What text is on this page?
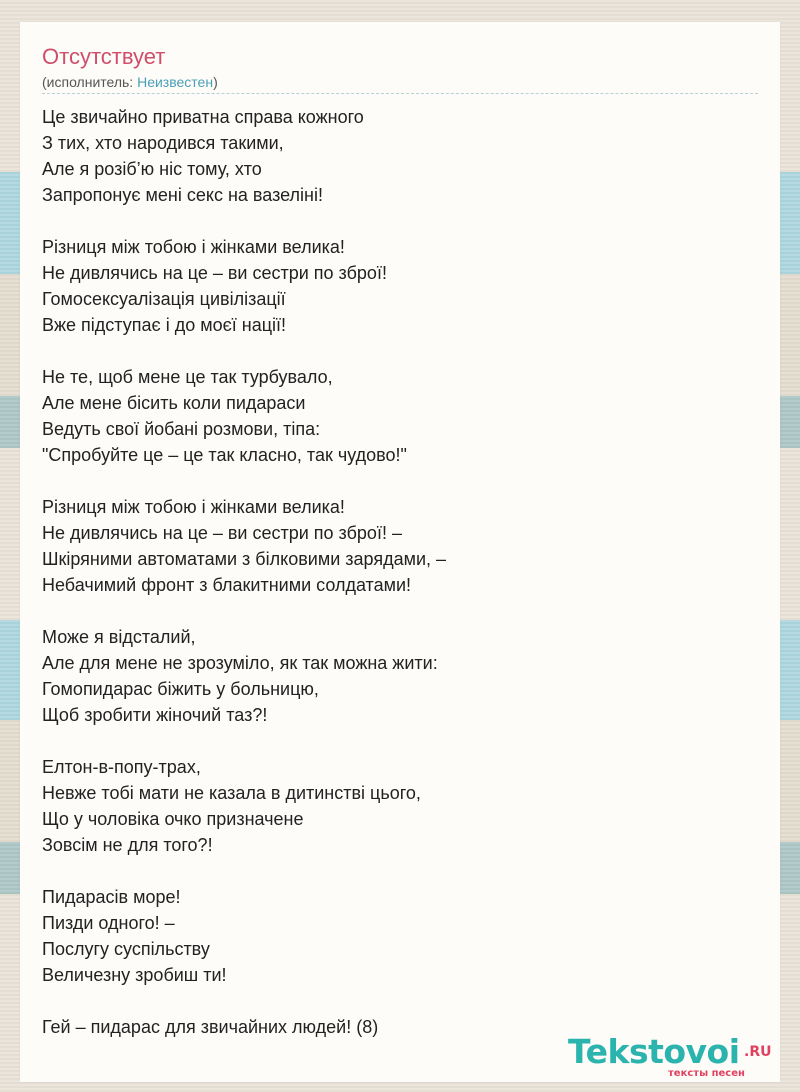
Отсутствует
(исполнитель: Неизвестен)
Це звичайно приватна справа кожного
З тих, хто народився такими,
Але я розіб’ю ніс тому, хто
Запропонує мені секс на вазеліні!
Різниця між тобою і жінками велика!
Не дивлячись на це – ви сестри по зброї!
Гомосексуалізація цивілізації
Вже підступає і до моєї нації!
Не те, щоб мене це так турбувало,
Але мене бісить коли пидараси
Ведуть свої йобані розмови, тіпа:
"Спробуйте це – це так класно, так чудово!"
Різниця між тобою і жінками велика!
Не дивлячись на це – ви сестри по зброї! –
Шкіряними автоматами з білковими зарядами, –
Небачимий фронт з блакитними солдатами!
Може я відсталий,
Але для мене не зрозуміло, як так можна жити:
Гомопидарас біжить у больницю,
Щоб зробити жіночий таз?!
Елтон-в-попу-трах,
Невже тобі мати не казала в дитинстві цього,
Що у чоловіка очко призначене
Зовсім не для того?!
Пидарасів море!
Пизди одного! –
Послугу суспільству
Величезну зробиш ти!
Гей – пидарас для звичайних людей! (8)
Tekstovoi .RU
тексты песен
